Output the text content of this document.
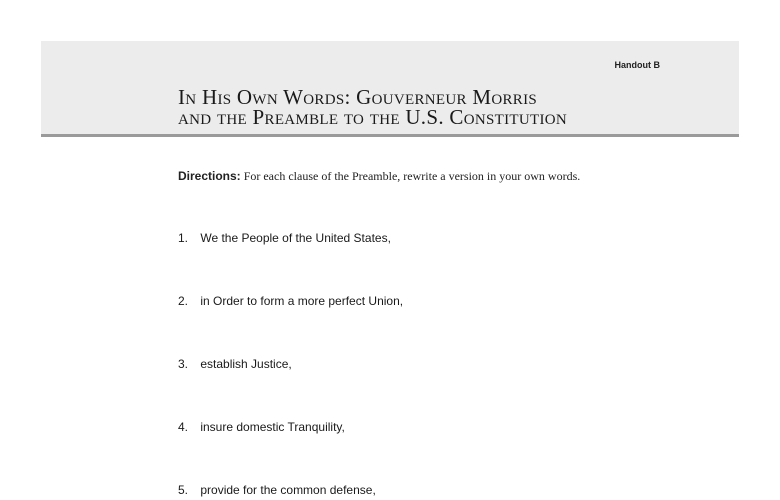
Handout B
In His Own Words: Gouverneur Morris
and the Preamble to the U.S. Constitution
Directions: For each clause of the Preamble, rewrite a version in your own words.
1. We the People of the United States,
2. in Order to form a more perfect Union,
3. establish Justice,
4. insure domestic Tranquility,
5. provide for the common defense,
